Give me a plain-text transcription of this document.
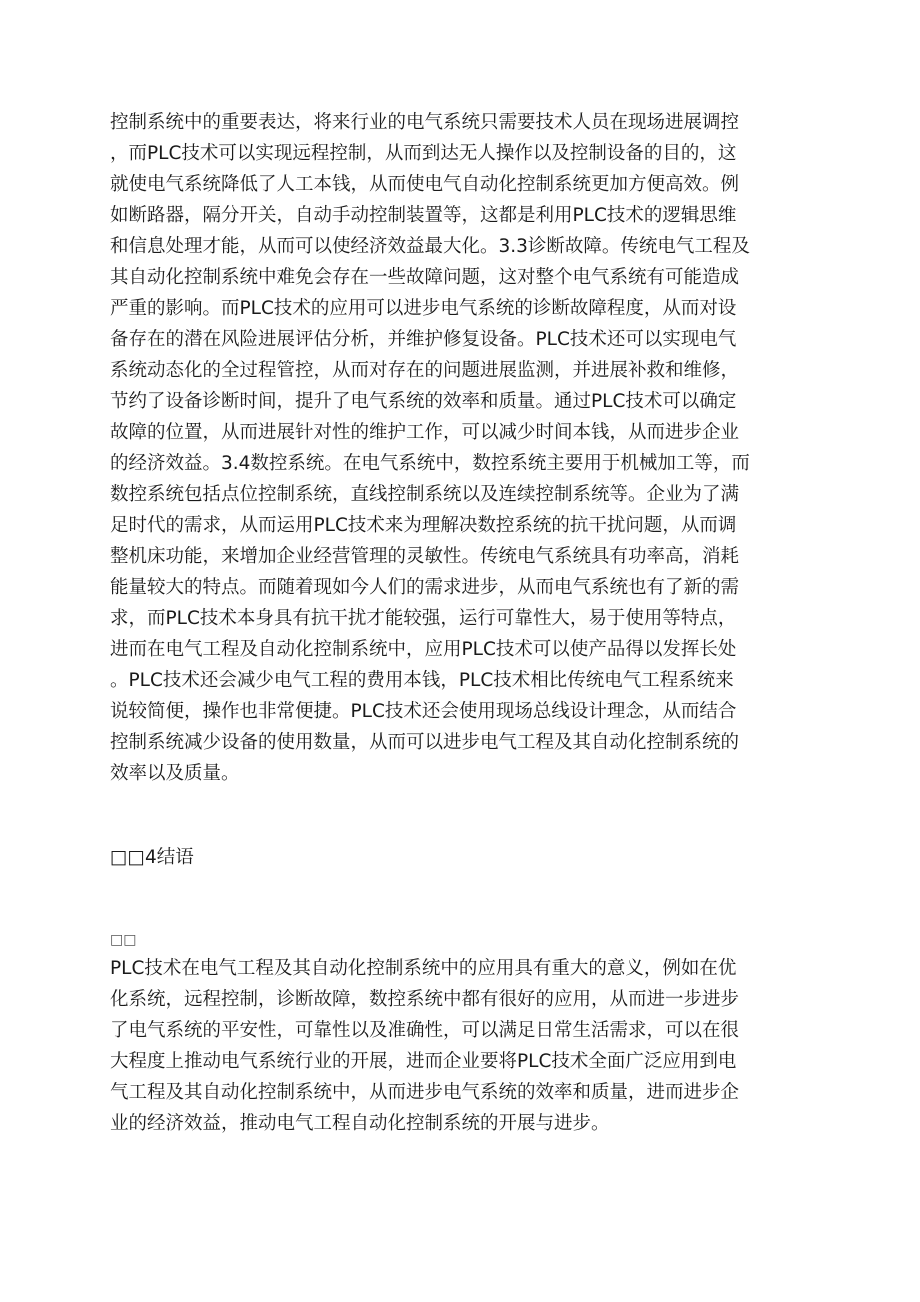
控制系统中的重要表达，将来行业的电气系统只需要技术人员在现场进展调控
，而PLC技术可以实现远程控制，从而到达无人操作以及控制设备的目的，这
就使电气系统降低了人工本钱，从而使电气自动化控制系统更加方便高效。例
如断路器，隔分开关，自动手动控制装置等，这都是利用PLC技术的逻辑思维
和信息处理才能，从而可以使经济效益最大化。3.3诊断故障。传统电气工程及
其自动化控制系统中难免会存在一些故障问题，这对整个电气系统有可能造成
严重的影响。而PLC技术的应用可以进步电气系统的诊断故障程度，从而对设
备存在的潜在风险进展评估分析，并维护修复设备。PLC技术还可以实现电气
系统动态化的全过程管控，从而对存在的问题进展监测，并进展补救和维修，
节约了设备诊断时间，提升了电气系统的效率和质量。通过PLC技术可以确定
故障的位置，从而进展针对性的维护工作，可以减少时间本钱，从而进步企业
的经济效益。3.4数控系统。在电气系统中，数控系统主要用于机械加工等，而
数控系统包括点位控制系统，直线控制系统以及连续控制系统等。企业为了满
足时代的需求，从而运用PLC技术来为理解决数控系统的抗干扰问题，从而调
整机床功能，来增加企业经营管理的灵敏性。传统电气系统具有功率高，消耗
能量较大的特点。而随着现如今人们的需求进步，从而电气系统也有了新的需
求，而PLC技术本身具有抗干扰才能较强，运行可靠性大，易于使用等特点，
进而在电气工程及自动化控制系统中，应用PLC技术可以使产品得以发挥长处
。PLC技术还会减少电气工程的费用本钱，PLC技术相比传统电气工程系统来
说较简便，操作也非常便捷。PLC技术还会使用现场总线设计理念，从而结合
控制系统减少设备的使用数量，从而可以进步电气工程及其自动化控制系统的
效率以及质量。
□□4结语
□□
PLC技术在电气工程及其自动化控制系统中的应用具有重大的意义，例如在优
化系统，远程控制，诊断故障，数控系统中都有很好的应用，从而进一步进步
了电气系统的平安性，可靠性以及准确性，可以满足日常生活需求，可以在很
大程度上推动电气系统行业的开展，进而企业要将PLC技术全面广泛应用到电
气工程及其自动化控制系统中，从而进步电气系统的效率和质量，进而进步企
业的经济效益，推动电气工程自动化控制系统的开展与进步。
